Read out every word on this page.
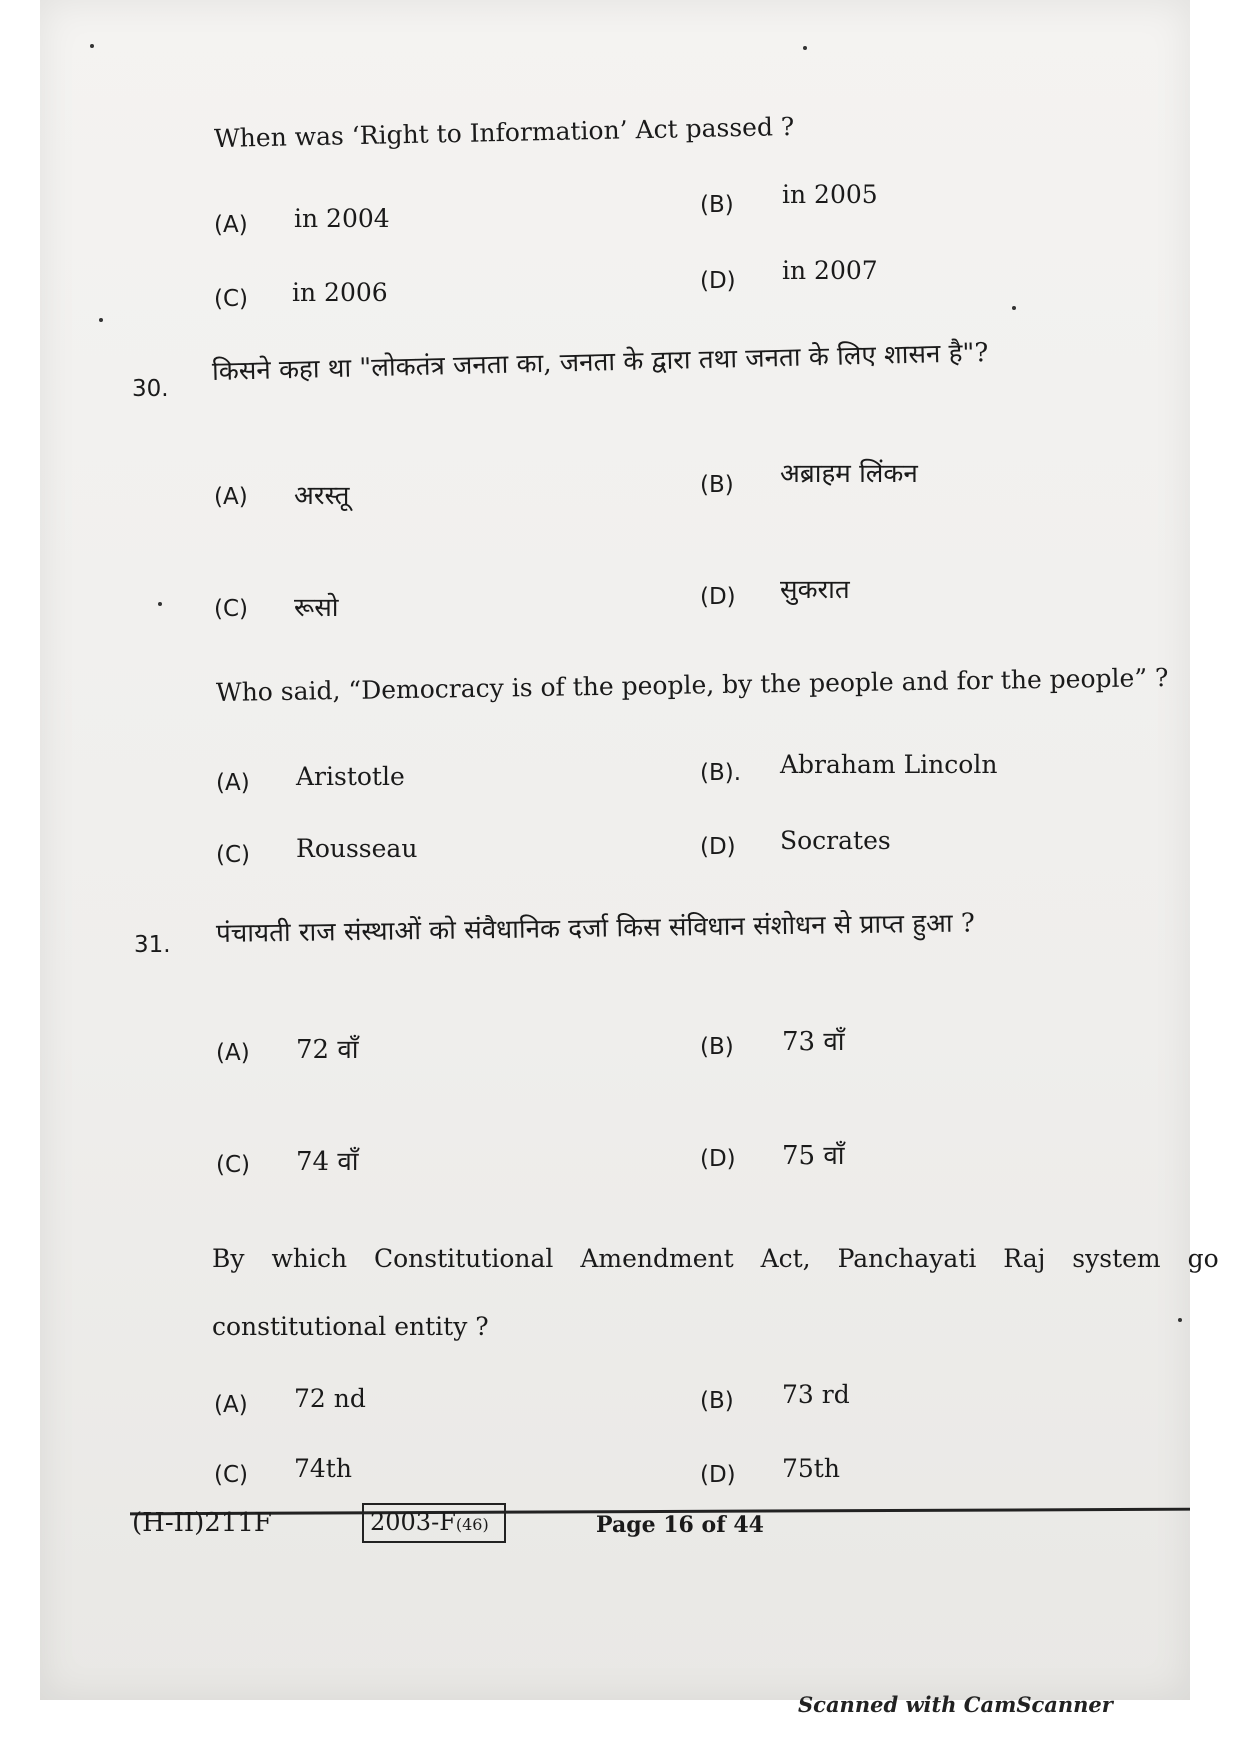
When was ‘Right to Information’ Act passed ?
(A) in 2004	(B) in 2005
(C) in 2006	(D) in 2007
30.
किसने कहा था "लोकतंत्र जनता का, जनता के द्वारा तथा जनता के लिए शासन है"?
(A) अरस्तू	(B) अब्राहम लिंकन
(C) रूसो	(D) सुकरात
Who said, “Democracy is of the people, by the people and for the people” ?
(A) Aristotle	(B). Abraham Lincoln
(C) Rousseau	(D) Socrates
31. पंचायती राज संस्थाओं को संवैधानिक दर्जा किस संविधान संशोधन से प्राप्त हुआ ?
(A) 72 वाँ	(B) 73 वाँ
(C) 74 वाँ	(D) 75 वाँ
By which Constitutional Amendment Act, Panchayati Raj system go
constitutional entity ?
(A) 72 nd	(B) 73 rd
(C) 74th	(D) 75th
(H-II)211F	2003-F(46)	Page 16 of 44
Scanned with CamScanner
